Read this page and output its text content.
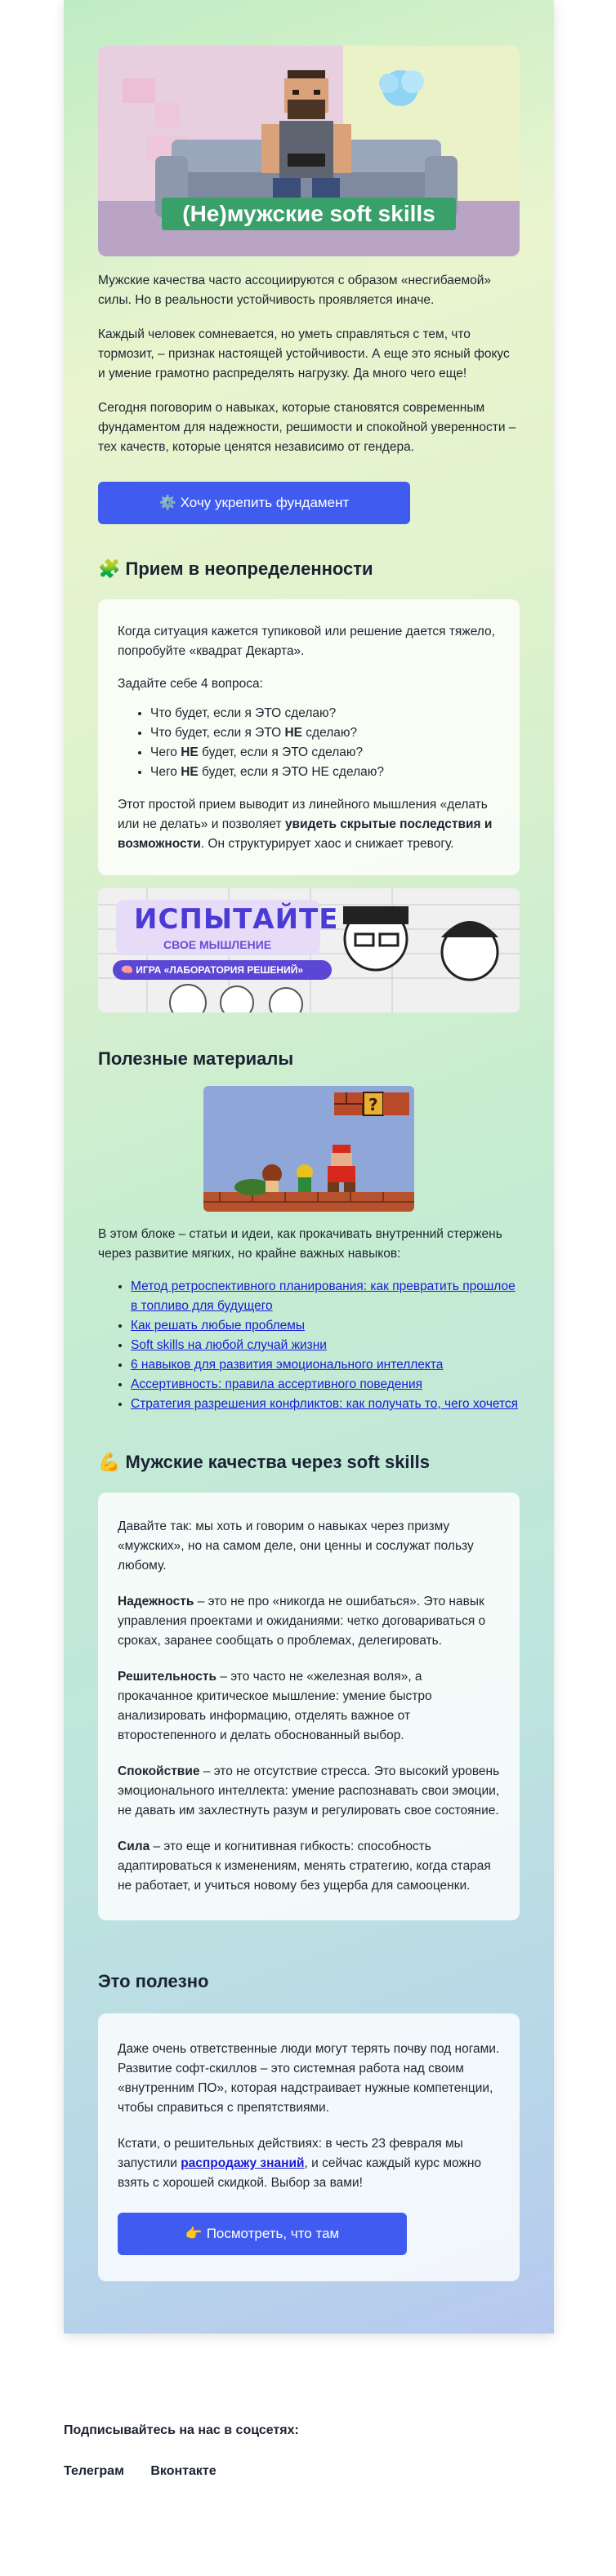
(Не)мужские soft skills

Мужские качества часто ассоциируются с образом «несгибаемой» силы. Но в реальности устойчивость проявляется иначе.

Каждый человек сомневается, но уметь справляться с тем, что тормозит, – признак настоящей устойчивости. А еще это ясный фокус и умение грамотно распределять нагрузку. Да много чего еще!

Сегодня поговорим о навыках, которые становятся современным фундаментом для надежности, решимости и спокойной уверенности – тех качеств, которые ценятся независимо от гендера.

⚙️ Хочу укрепить фундамент
🧩 Прием в неопределенности

Когда ситуация кажется тупиковой или решение дается тяжело, попробуйте «квадрат Декарта».

Задайте себе 4 вопроса:

• Что будет, если я ЭТО сделаю?
• Что будет, если я ЭТО НЕ сделаю?
• Чего НЕ будет, если я ЭТО сделаю?
• Чего НЕ будет, если я ЭТО НЕ сделаю?

Этот простой прием выводит из линейного мышления «делать или не делать» и позволяет увидеть скрытые последствия и возможности. Он структурирует хаос и снижает тревогу.

ИСПЫТАЙТЕ
СВОЕ МЫШЛЕНИЕ
🧠 ИГРА «ЛАБОРАТОРИЯ РЕШЕНИЙ»
Полезные материалы
?

В этом блоке – статьи и идеи, как прокачивать внутренний стержень через развитие мягких, но крайне важных навыков:

• Метод ретроспективного планирования: как превратить прошлое в топливо для будущего
• Как решать любые проблемы
• Soft skills на любой случай жизни
• 6 навыков для развития эмоционального интеллекта
• Ассертивность: правила ассертивного поведения
• Стратегия разрешения конфликтов: как получать то, чего хочется
💪 Мужские качества через soft skills

Давайте так: мы хоть и говорим о навыках через призму «мужских», но на самом деле, они ценны и сослужат пользу любому.

Надежность – это не про «никогда не ошибаться». Это навык управления проектами и ожиданиями: четко договариваться о сроках, заранее сообщать о проблемах, делегировать.

Решительность – это часто не «железная воля», а прокачанное критическое мышление: умение быстро анализировать информацию, отделять важное от второстепенного и делать обоснованный выбор.

Спокойствие – это не отсутствие стресса. Это высокий уровень эмоционального интеллекта: умение распознавать свои эмоции, не давать им захлестнуть разум и регулировать свое состояние.

Сила – это еще и когнитивная гибкость: способность адаптироваться к изменениям, менять стратегию, когда старая не работает, и учиться новому без ущерба для самооценки.

Это полезно

Даже очень ответственные люди могут терять почву под ногами. Развитие софт-скиллов – это системная работа над своим «внутренним ПО», которая надстраивает нужные компетенции, чтобы справиться с препятствиями.

Кстати, о решительных действиях: в честь 23 февраля мы запустили распродажу знаний, и сейчас каждый курс можно взять с хорошей скидкой. Выбор за вами!

👉 Посмотреть, что там
Подписывайтесь на нас в соцсетях:
Телеграм Вконтакте
